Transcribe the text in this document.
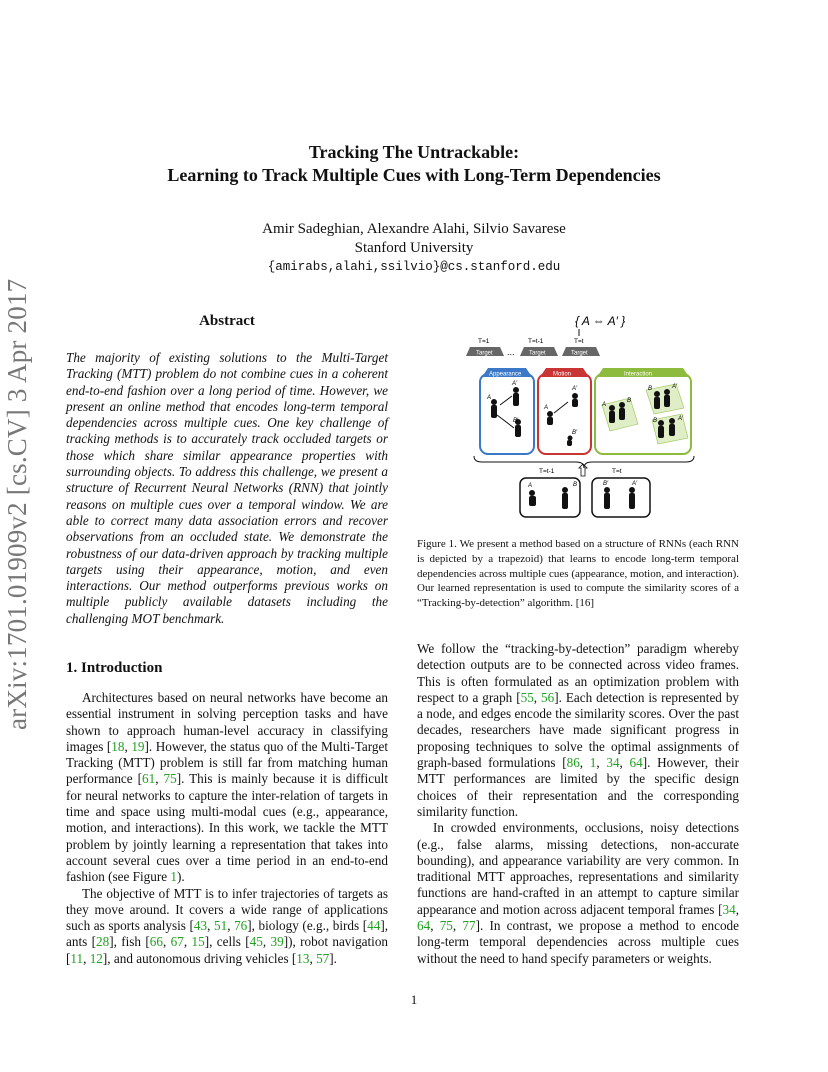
Tracking The Untrackable:
Learning to Track Multiple Cues with Long-Term Dependencies
Amir Sadeghian, Alexandre Alahi, Silvio Savarese
Stanford University
{amirabs,alahi,ssilvio}@cs.stanford.edu
arXiv:1701.01909v2 [cs.CV] 3 Apr 2017	Abstract
The majority of existing solutions to the Multi-Target Tracking (MTT) problem do not combine cues in a coherent end-to-end fashion over a long period of time. However, we present an online method that encodes long-term temporal dependencies across multiple cues. One key challenge of tracking methods is to accurately track occluded targets or those which share similar appearance properties with surrounding objects. To address this challenge, we present a structure of Recurrent Neural Networks (RNN) that jointly reasons on multiple cues over a temporal window. We are able to correct many data association errors and recover observations from an occluded state. We demonstrate the robustness of our data-driven approach by tracking multiple targets using their appearance, motion, and even interactions. Our method outperforms previous works on multiple publicly available datasets including the challenging MOT benchmark.
1. Introduction

Architectures based on neural networks have become an essential instrument in solving perception tasks and have shown to approach human-level accuracy in classifying images [18, 19]. However, the status quo of the Multi-Target Tracking (MTT) problem is still far from matching human performance [61, 75]. This is mainly because it is difficult for neural networks to capture the inter-relation of targets in time and space using multi-modal cues (e.g., appearance, motion, and interactions). In this work, we tackle the MTT problem by jointly learning a representation that takes into account several cues over a time period in an end-to-end fashion (see Figure 1).

The objective of MTT is to infer trajectories of targets as they move around. It covers a wide range of applications such as sports analysis [43, 51, 76], biology (e.g., birds [44], ants [28], fish [66, 67, 15], cells [45, 39]), robot navigation [11, 12], and autonomous driving vehicles [13, 57].

We follow the “tracking-by-detection” paradigm whereby detection outputs are to be connected across video frames. This is often formulated as an optimization problem with respect to a graph [55, 56]. Each detection is represented by a node, and edges encode the similarity scores. Over the past decades, researchers have made significant progress in proposing techniques to solve the optimal assignments of graph-based formulations [86, 1, 34, 64]. However, their MTT performances are limited by the specific design choices of their representation and the corresponding similarity function.

In crowded environments, occlusions, noisy detections (e.g., false alarms, missing detections, non-accurate bounding), and appearance variability are very common. In traditional MTT approaches, representations and similarity functions are hand-crafted in an attempt to capture similar appearance and motion across adjacent temporal frames [34, 64, 75, 77]. In contrast, we propose a method to encode long-term temporal dependencies across multiple cues without the need to hand specify parameters or weights.

{ A ⇔ A′ }
T=1	T=t-1	T=t
Target ... Target	Target
Appearance	Motion	Interaction
A
A′
B′
A
A′
B′
A
B
B	A′
B	A′
T=t-1	T=t
A	B	B′	A′
Figure 1. We present a method based on a structure of RNNs (each RNN is depicted by a trapezoid) that learns to encode long-term temporal dependencies across multiple cues (appearance, motion, and interaction). Our learned representation is used to compute the similarity scores of a “Tracking-by-detection” algorithm. [16]
1
